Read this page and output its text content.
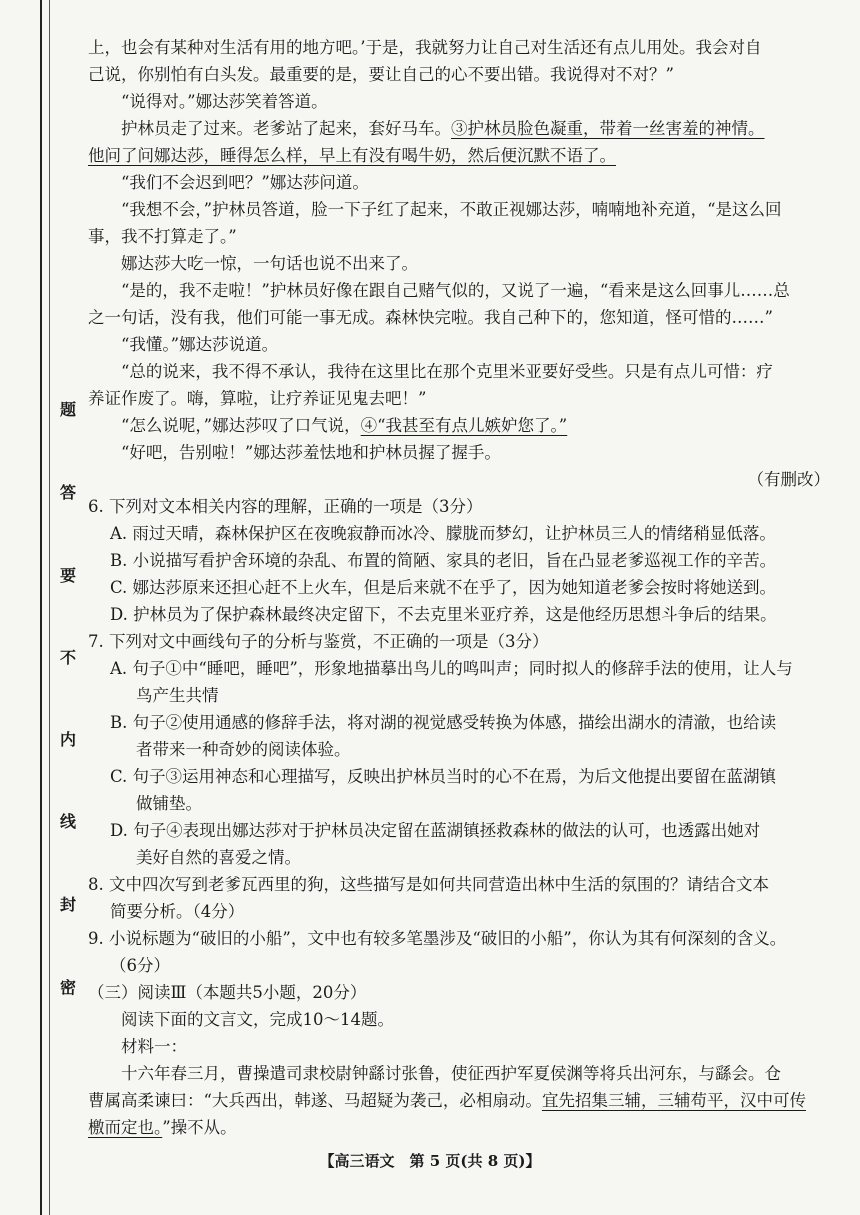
题
答
要
不
内
线
封
密
上，也会有某种对生活有用的地方吧。’于是，我就努力让自己对生活还有点儿用处。我会对自
己说，你别怕有白头发。最重要的是，要让自己的心不要出错。我说得对不对？”
“说得对。”娜达莎笑着答道。
护林员走了过来。老爹站了起来，套好马车。③护林员脸色凝重，带着一丝害羞的神情。
他问了问娜达莎，睡得怎么样，早上有没有喝牛奶，然后便沉默不语了。
“我们不会迟到吧？”娜达莎问道。
“我想不会，”护林员答道，脸一下子红了起来，不敢正视娜达莎，喃喃地补充道，“是这么回
事，我不打算走了。”
娜达莎大吃一惊，一句话也说不出来了。
“是的，我不走啦！”护林员好像在跟自己赌气似的，又说了一遍，“看来是这么回事儿……总
之一句话，没有我，他们可能一事无成。森林快完啦。我自己种下的，您知道，怪可惜的……”
“我懂。”娜达莎说道。
“总的说来，我不得不承认，我待在这里比在那个克里米亚要好受些。只是有点儿可惜：疗
养证作废了。嗨，算啦，让疗养证见鬼去吧！”
“怎么说呢，”娜达莎叹了口气说，④“我甚至有点儿嫉妒您了。”
“好吧，告别啦！”娜达莎羞怯地和护林员握了握手。
（有删改）
6. 下列对文本相关内容的理解，正确的一项是（3分）
A. 雨过天晴，森林保护区在夜晚寂静而冰冷、朦胧而梦幻，让护林员三人的情绪稍显低落。
B. 小说描写看护舍环境的杂乱、布置的简陋、家具的老旧，旨在凸显老爹巡视工作的辛苦。
C. 娜达莎原来还担心赶不上火车，但是后来就不在乎了，因为她知道老爹会按时将她送到。
D. 护林员为了保护森林最终决定留下，不去克里米亚疗养，这是他经历思想斗争后的结果。
7. 下列对文中画线句子的分析与鉴赏，不正确的一项是（3分）
A. 句子①中“睡吧，睡吧”，形象地描摹出鸟儿的鸣叫声；同时拟人的修辞手法的使用，让人与
鸟产生共情
B. 句子②使用通感的修辞手法，将对湖的视觉感受转换为体感，描绘出湖水的清澈，也给读
者带来一种奇妙的阅读体验。
C. 句子③运用神态和心理描写，反映出护林员当时的心不在焉，为后文他提出要留在蓝湖镇
做铺垫。
D. 句子④表现出娜达莎对于护林员决定留在蓝湖镇拯救森林的做法的认可，也透露出她对
美好自然的喜爱之情。
8. 文中四次写到老爹瓦西里的狗，这些描写是如何共同营造出林中生活的氛围的？请结合文本
简要分析。（4分）
9. 小说标题为“破旧的小船”，文中也有较多笔墨涉及“破旧的小船”，你认为其有何深刻的含义。
（6分）
（三）阅读Ⅲ（本题共5小题，20分）
阅读下面的文言文，完成10～14题。
材料一：
十六年春三月，曹操遣司隶校尉钟繇讨张鲁，使征西护军夏侯渊等将兵出河东，与繇会。仓
曹属高柔谏曰：“大兵西出，韩遂、马超疑为袭己，必相扇动。宜先招集三辅，三辅苟平，汉中可传
檄而定也。”操不从。
【高三语文　第 5 页(共 8 页)】
